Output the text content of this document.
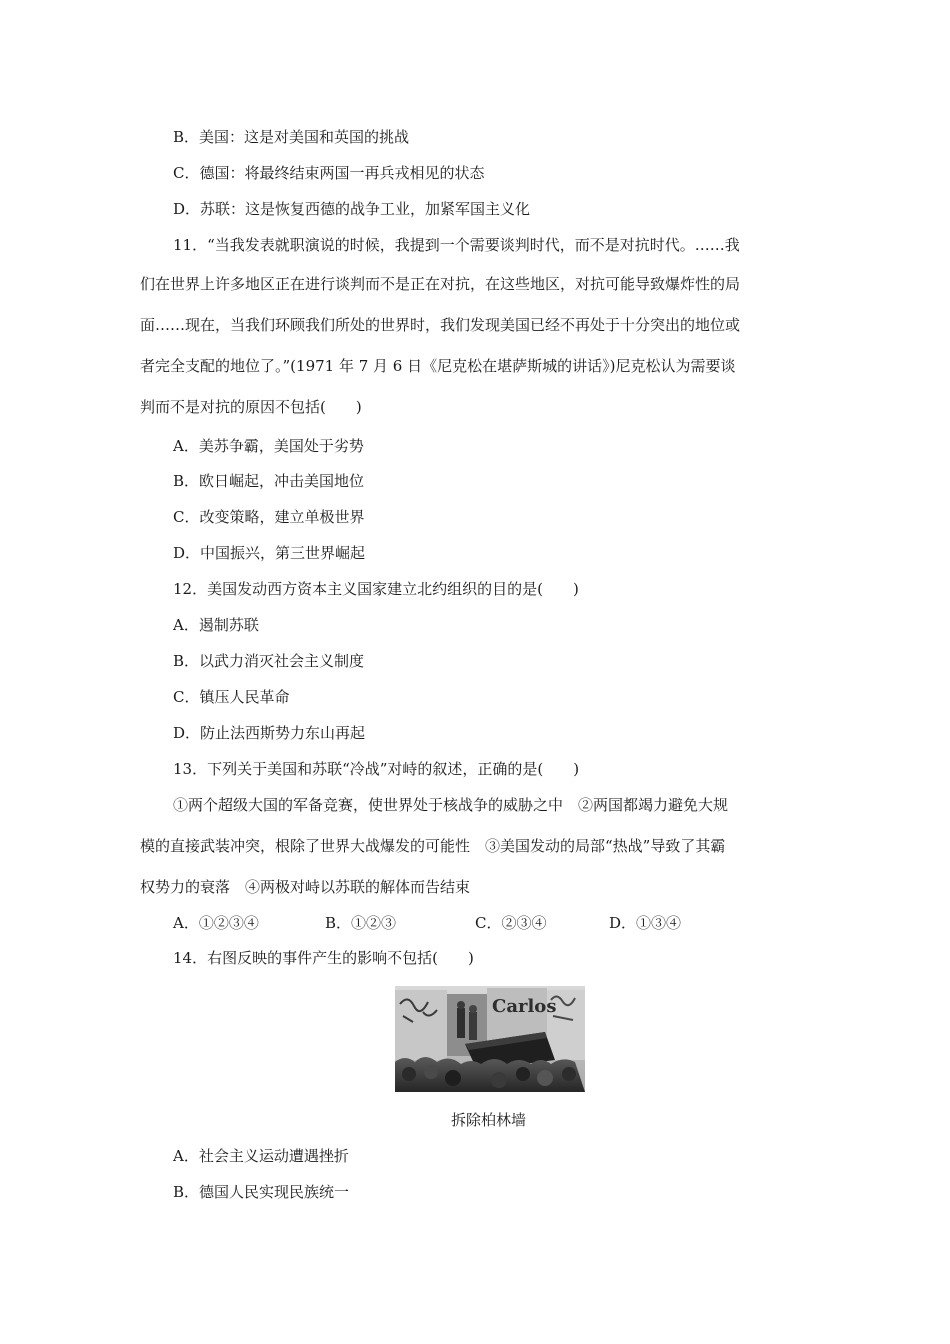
B．美国：这是对美国和英国的挑战
C．德国：将最终结束两国一再兵戎相见的状态
D．苏联：这是恢复西德的战争工业，加紧军国主义化
11．“当我发表就职演说的时候，我提到一个需要谈判时代，而不是对抗时代。……我
们在世界上许多地区正在进行谈判而不是正在对抗，在这些地区，对抗可能导致爆炸性的局
面……现在，当我们环顾我们所处的世界时，我们发现美国已经不再处于十分突出的地位或
者完全支配的地位了。”(1971 年 7 月 6 日《尼克松在堪萨斯城的讲话》)尼克松认为需要谈
判而不是对抗的原因不包括(　　)
A．美苏争霸，美国处于劣势
B．欧日崛起，冲击美国地位
C．改变策略，建立单极世界
D．中国振兴，第三世界崛起
12．美国发动西方资本主义国家建立北约组织的目的是(　　)
A．遏制苏联
B．以武力消灭社会主义制度
C．镇压人民革命
D．防止法西斯势力东山再起
13．下列关于美国和苏联“冷战”对峙的叙述，正确的是(　　)
①两个超级大国的军备竞赛，使世界处于核战争的威胁之中　②两国都竭力避免大规
模的直接武装冲突，根除了世界大战爆发的可能性　③美国发动的局部“热战”导致了其霸
权势力的衰落　④两极对峙以苏联的解体而告结束
A．①②③④	B．①②③	C．②③④	D．①③④
14．右图反映的事件产生的影响不包括(　　)
Carlos
拆除柏林墙
A．社会主义运动遭遇挫折
B．德国人民实现民族统一
